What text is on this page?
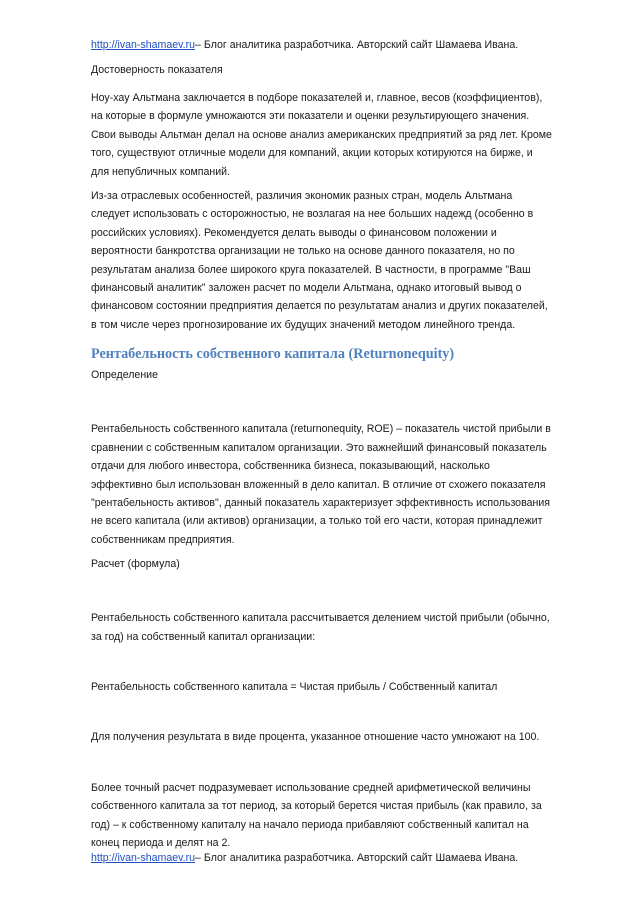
http://ivan-shamaev.ru– Блог аналитика разработчика. Авторский сайт Шамаева Ивана.
Достоверность показателя

Ноу-хау Альтмана заключается в подборе показателей и, главное, весов (коэффициентов), на которые в формуле умножаются эти показатели и оценки результирующего значения. Свои выводы Альтман делал на основе анализ американских предприятий за ряд лет. Кроме того, существуют отличные модели для компаний, акции которых котируются на бирже, и для непубличных компаний.

Из-за отраслевых особенностей, различия экономик разных стран, модель Альтмана следует использовать с осторожностью, не возлагая на нее больших надежд (особенно в российских условиях). Рекомендуется делать выводы о финансовом положении и вероятности банкротства организации не только на основе данного показателя, но по результатам анализа более широкого круга показателей. В частности, в программе "Ваш финансовый аналитик" заложен расчет по модели Альтмана, однако итоговый вывод о финансовом состоянии предприятия делается по результатам анализ и других показателей, в том числе через прогнозирование их будущих значений методом линейного тренда.

Рентабельность собственного капитала (Returnonequity)
Определение

Рентабельность собственного капитала (returnonequity, ROE) – показатель чистой прибыли в сравнении с собственным капиталом организации. Это важнейший финансовый показатель отдачи для любого инвестора, собственника бизнеса, показывающий, насколько эффективно был использован вложенный в дело капитал. В отличие от схожего показателя "рентабельность активов", данный показатель характеризует эффективность использования не всего капитала (или активов) организации, а только той его части, которая принадлежит собственникам предприятия.

Расчет (формула)

Рентабельность собственного капитала рассчитывается делением чистой прибыли (обычно, за год) на собственный капитал организации:

Рентабельность собственного капитала = Чистая прибыль / Собственный капитал

Для получения результата в виде процента, указанное отношение часто умножают на 100.

Более точный расчет подразумевает использование средней арифметической величины собственного капитала за тот период, за который берется чистая прибыль (как правило, за год) – к собственному капиталу на начало периода прибавляют собственный капитал на конец периода и делят на 2.

http://ivan-shamaev.ru– Блог аналитика разработчика. Авторский сайт Шамаева Ивана.
